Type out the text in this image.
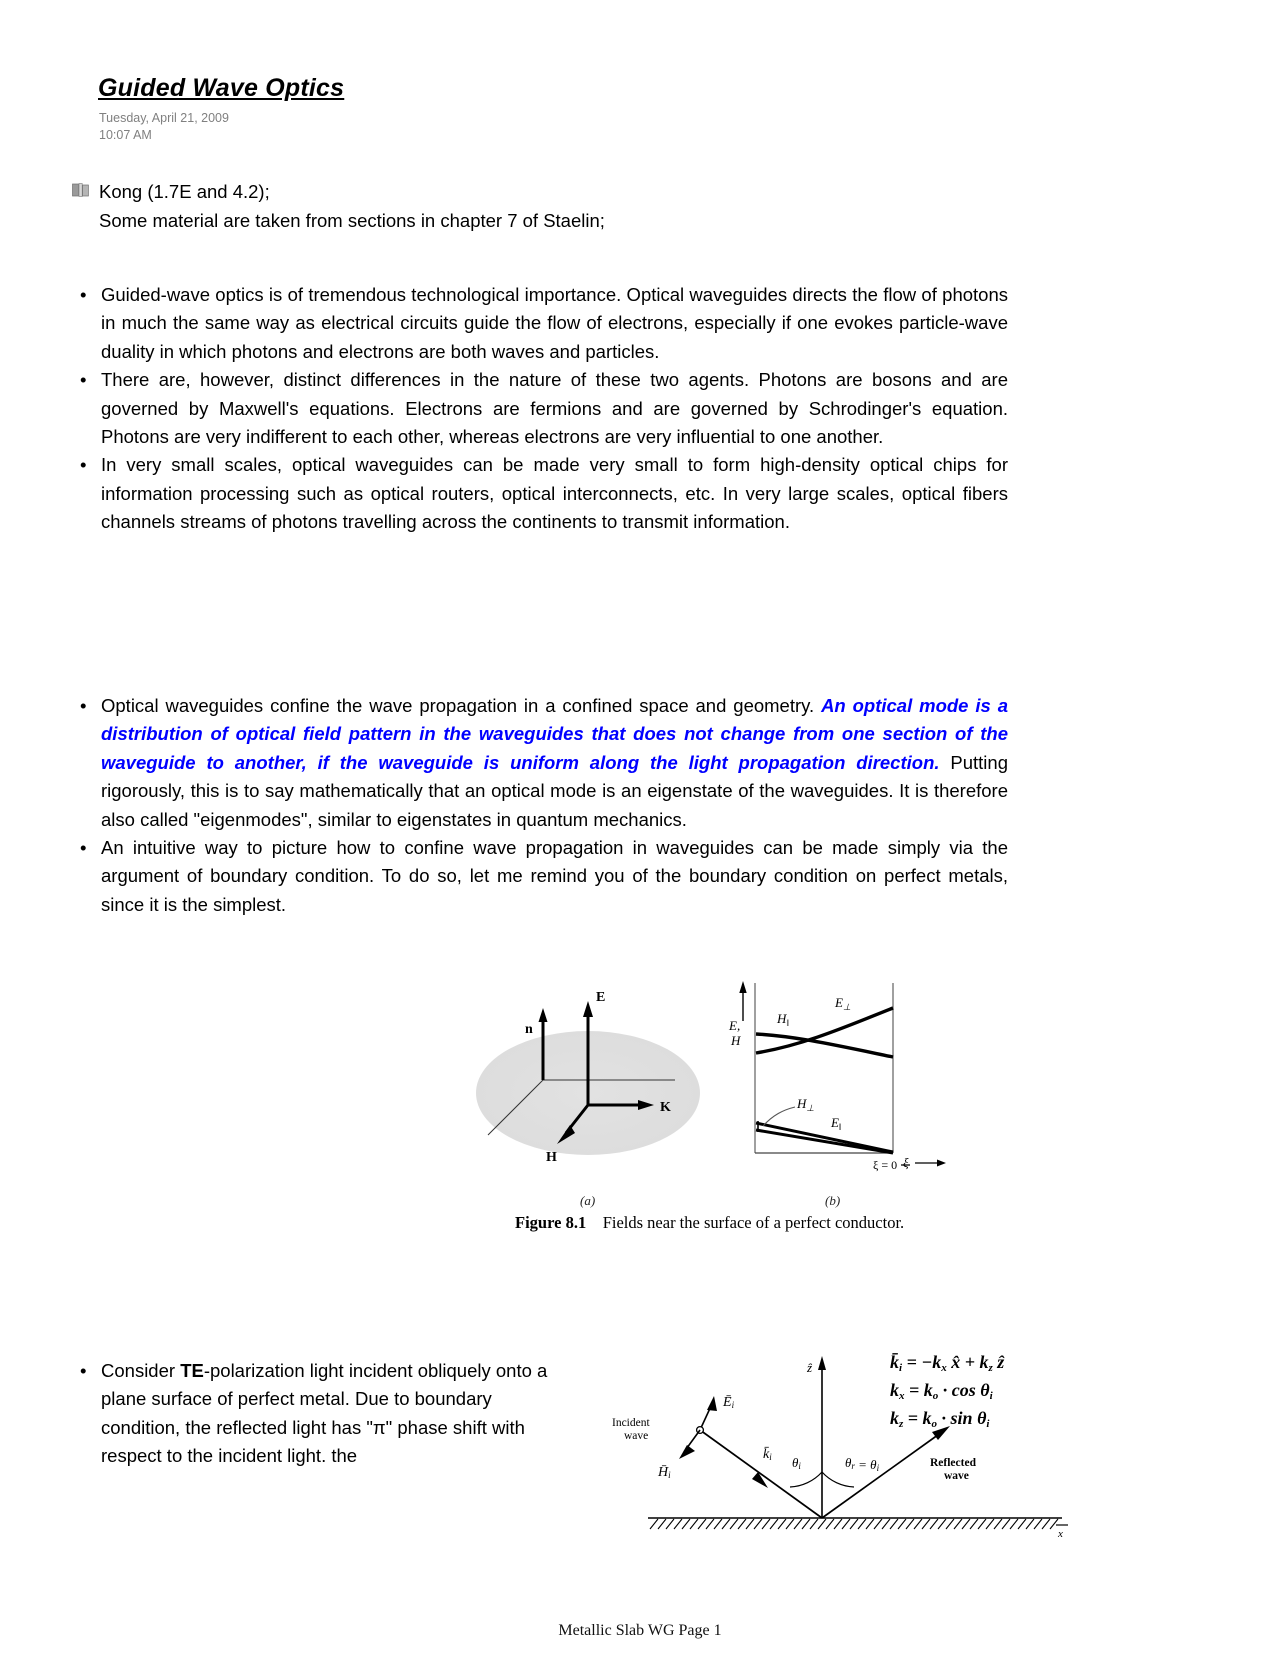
Guided Wave Optics
Tuesday, April 21, 2009
10:07 AM
Kong (1.7E and 4.2);
Some material are taken from sections in chapter 7 of Staelin;
• Guided-wave optics is of tremendous technological importance. Optical waveguides directs the flow of photons in much the same way as electrical circuits guide the flow of electrons, especially if one evokes particle-wave duality in which photons and electrons are both waves and particles.
• There are, however, distinct differences in the nature of these two agents. Photons are bosons and are governed by Maxwell's equations. Electrons are fermions and are governed by Schrodinger's equation. Photons are very indifferent to each other, whereas electrons are very influential to one another.
• In very small scales, optical waveguides can be made very small to form high-density optical chips for information processing such as optical routers, optical interconnects, etc. In very large scales, optical fibers channels streams of photons travelling across the continents to transmit information.
• Optical waveguides confine the wave propagation in a confined space and geometry. An optical mode is a distribution of optical field pattern in the waveguides that does not change from one section of the waveguide to another, if the waveguide is uniform along the light propagation direction. Putting rigorously, this is to say mathematically that an optical mode is an eigenstate of the waveguides. It is therefore also called "eigenmodes", similar to eigenstates in quantum mechanics.
• An intuitive way to picture how to confine wave propagation in waveguides can be made simply via the argument of boundary condition. To do so, let me remind you of the boundary condition on perfect metals, since it is the simplest.
n
E
K
H
E,
H
$H_‖$
$E_\perp$
$H_\perp$
$E_‖$
ξ = 0 ξ
(a)	(b)
Figure 8.1 Fields near the surface of a perfect conductor.
• Consider TE-polarization light incident obliquely onto a plane surface of perfect metal. Due to boundary condition, the reflected light has "π" phase shift with respect to the incident light. the
ẑ
x
Ēi
H̄i
k̄i θi	θr = θi
Incident
wave
Reflected
wave
k̄i = −kx x̂ + kz ẑ
kx = ko · cos θi
kz = ko · sin θi
Metallic Slab WG Page 1
